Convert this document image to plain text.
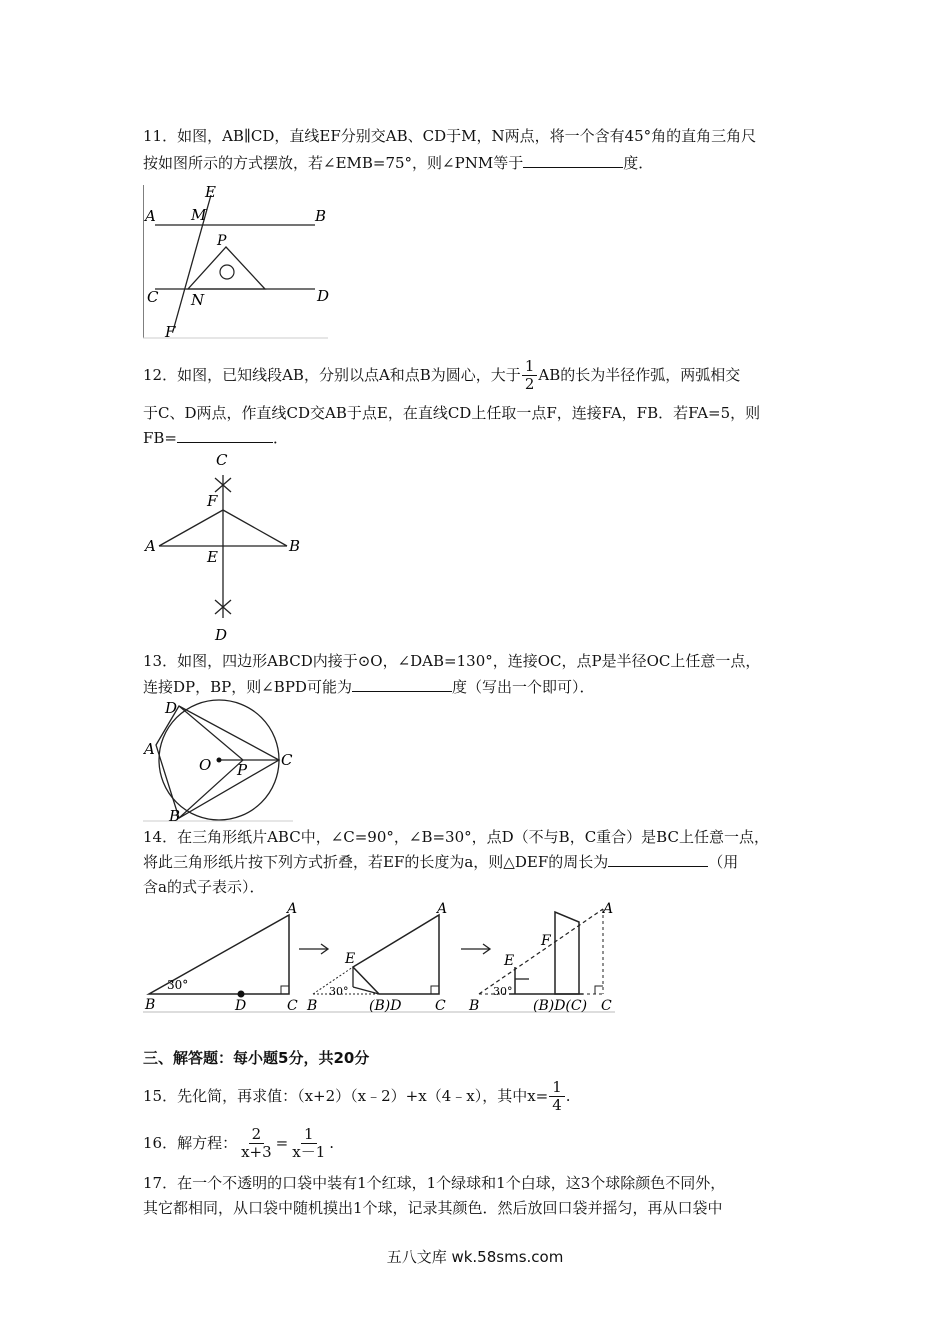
11．如图，AB∥CD，直线EF分别交AB、CD于M，N两点，将一个含有45°角的直角三角尺
按如图所示的方式摆放，若∠EMB=75°，则∠PNM等于	度．
A	B
C	D
E
F
M
N
P
12．如图，已知线段AB，分别以点A和点B为圆心，大于 $\frac{1}{2}$ AB的长为半径作弧，两弧相交
于C、D两点，作直线CD交AB于点E，在直线CD上任取一点F，连接FA，FB．若FA=5，则
FB=	．
C
F
A	B
E
D
13．如图，四边形ABCD内接于⊙O，∠DAB=130°，连接OC，点P是半径OC上任意一点，
连接DP，BP，则∠BPD可能为	度（写出一个即可）．
D
A
C
O P
B
14．在三角形纸片ABC中，∠C=90°，∠B=30°，点D（不与B，C重合）是BC上任意一点，
将此三角形纸片按下列方式折叠，若EF的长度为a，则△DEF的周长为	（用
含a的式子表示）．
30°
A
B	D	C
30°
A
E
B	(B)D C
30°
A
F
E
B	(B)D(C) C
三、解答题：每小题5分，共20分
15．先化简，再求值：（x+2）（x﹣2）+x（4﹣x），其中$x= \frac{1}{4}$ .
16．解方程： $\frac{2}{x+3} = \frac{1}{x-1}$ .
17．在一个不透明的口袋中装有1个红球，1个绿球和1个白球，这3个球除颜色不同外，
其它都相同，从口袋中随机摸出1个球，记录其颜色．然后放回口袋并摇匀，再从口袋中
五八文库 wk.58sms.com
